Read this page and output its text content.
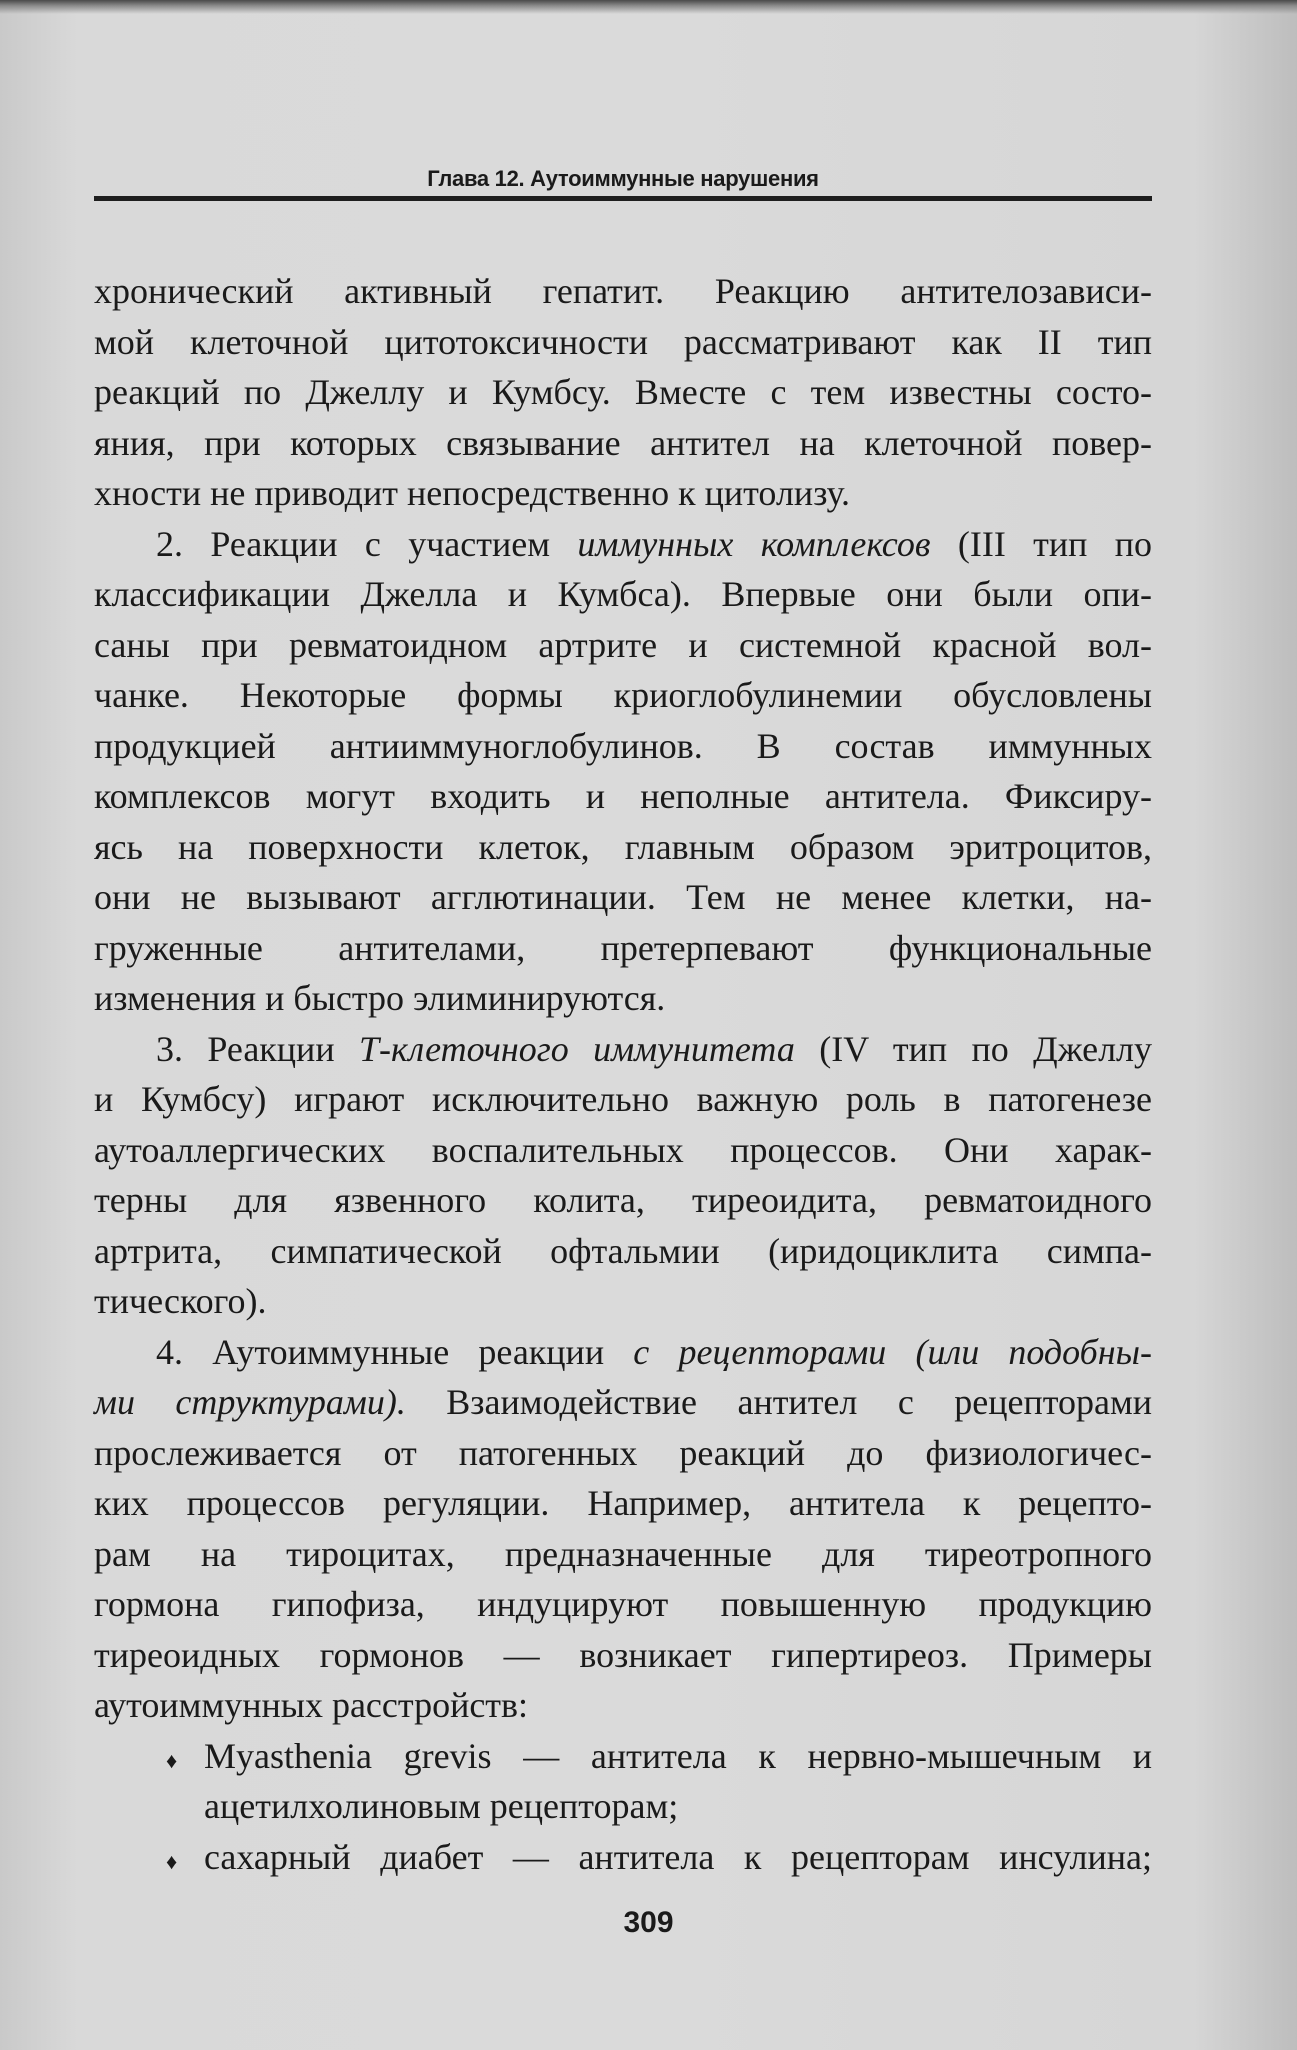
Глава 12. Аутоиммунные нарушения
хронический активный гепатит. Реакцию антителозависи-
мой клеточной цитотоксичности рассматривают как II тип
реакций по Джеллу и Кумбсу. Вместе с тем известны состо-
яния, при которых связывание антител на клеточной повер-
хности не приводит непосредственно к цитолизу.
2. Реакции с участием иммунных комплексов (III тип по
классификации Джелла и Кумбса). Впервые они были опи-
саны при ревматоидном артрите и системной красной вол-
чанке. Некоторые формы криоглобулинемии обусловлены
продукцией антииммуноглобулинов. В состав иммунных
комплексов могут входить и неполные антитела. Фиксиру-
ясь на поверхности клеток, главным образом эритроцитов,
они не вызывают агглютинации. Тем не менее клетки, на-
груженные антителами, претерпевают функциональные
изменения и быстро элиминируются.
3. Реакции Т-клеточного иммунитета (IV тип по Джеллу
и Кумбсу) играют исключительно важную роль в патогенезе
аутоаллергических воспалительных процессов. Они харак-
терны для язвенного колита, тиреоидита, ревматоидного
артрита, симпатической офтальмии (иридоциклита симпа-
тического).
4. Аутоиммунные реакции с рецепторами (или подобны-
ми структурами). Взаимодействие антител с рецепторами
прослеживается от патогенных реакций до физиологичес-
ких процессов регуляции. Например, антитела к рецепто-
рам на тироцитах, предназначенные для тиреотропного
гормона гипофиза, индуцируют повышенную продукцию
тиреоидных гормонов — возникает гипертиреоз. Примеры
аутоиммунных расстройств:
♦ Myasthenia grevis — антитела к нервно-мышечным и
ацетилхолиновым рецепторам;
♦ сахарный диабет — антитела к рецепторам инсулина;
309
